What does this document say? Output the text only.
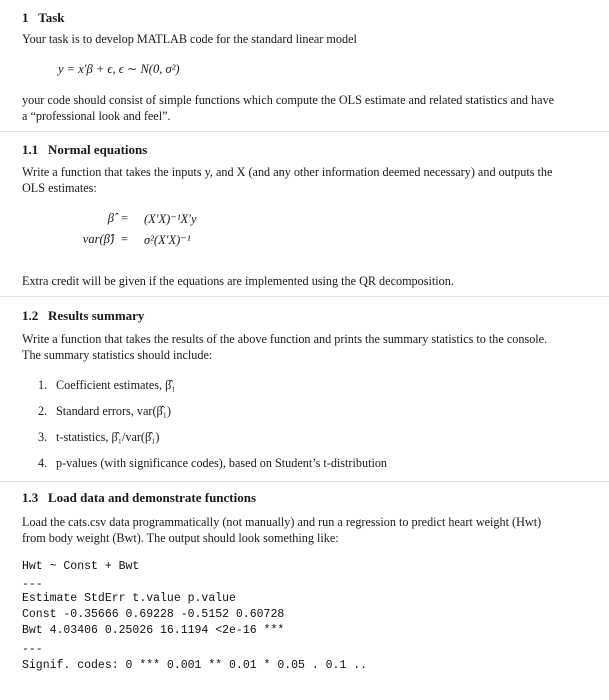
1 Task
Your task is to develop MATLAB code for the standard linear model
y = x′β + ϵ, ϵ ∼ N(0, σ²)
your code should consist of simple functions which compute the OLS estimate and related statistics and have
a “professional look and feel”.
1.1 Normal equations
Write a function that takes the inputs y, and X (and any other information deemed necessary) and outputs the
OLS estimates:
β̂ = (X′X)⁻¹X′y
var(β̂) = σ²(X′X)⁻¹
Extra credit will be given if the equations are implemented using the QR decomposition.
1.2 Results summary
Write a function that takes the results of the above function and prints the summary statistics to the console.
The summary statistics should include:
1. Coefficient estimates, β̂₁
2. Standard errors, var(β̂₁)
3. t-statistics, β̂₁/var(β̂₁)
4. p-values (with significance codes), based on Student’s t-distribution
1.3 Load data and demonstrate functions
Load the cats.csv data programmatically (not manually) and run a regression to predict heart weight (Hwt)
from body weight (Bwt). The output should look something like:
Hwt ~ Const + Bwt
---
Estimate StdErr t.value p.value
Const -0.35666 0.69228 -0.5152 0.60728
Bwt 4.03406 0.25026 16.1194 <2e-16 ***
---
Signif. codes: 0 *** 0.001 ** 0.01 * 0.05 . 0.1 ..
